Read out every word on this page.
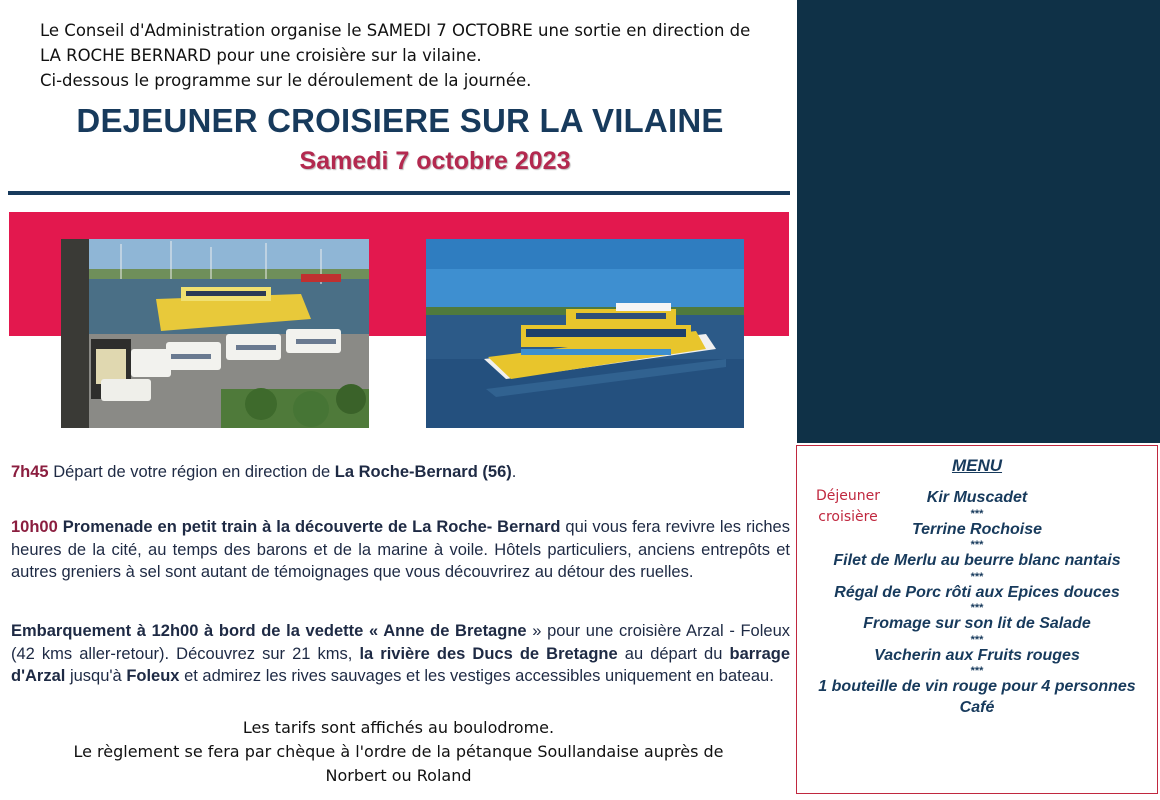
Le Conseil d'Administration organise le SAMEDI 7 OCTOBRE une sortie en direction de
LA ROCHE BERNARD pour une croisière sur la vilaine.
Ci-dessous le programme sur le déroulement de la journée.
DEJEUNER CROISIERE SUR LA VILAINE
Samedi 7 octobre 2023
7h45 Départ de votre région en direction de La Roche-Bernard (56).
10h00 Promenade en petit train à la découverte de La Roche- Bernard qui vous fera revivre les riches heures de la cité, au temps des barons et de la marine à voile. Hôtels particuliers, anciens entrepôts et autres greniers à sel sont autant de témoignages que vous découvrirez au détour des ruelles.
Embarquement à 12h00 à bord de la vedette « Anne de Bretagne » pour une croisière Arzal - Foleux (42 kms aller-retour). Découvrez sur 21 kms, la rivière des Ducs de Bretagne au départ du barrage d'Arzal jusqu'à Foleux et admirez les rives sauvages et les vestiges accessibles uniquement en bateau.
Les tarifs sont affichés au boulodrome.
Le règlement se fera par chèque à l'ordre de la pétanque Soullandaise auprès de
Norbert ou Roland
MENU
Déjeuner
croisière
Kir Muscadet
***
Terrine Rochoise
***
Filet de Merlu au beurre blanc nantais
***
Régal de Porc rôti aux Epices douces
***
Fromage sur son lit de Salade
***
Vacherin aux Fruits rouges
***
1 bouteille de vin rouge pour 4 personnes
Café
